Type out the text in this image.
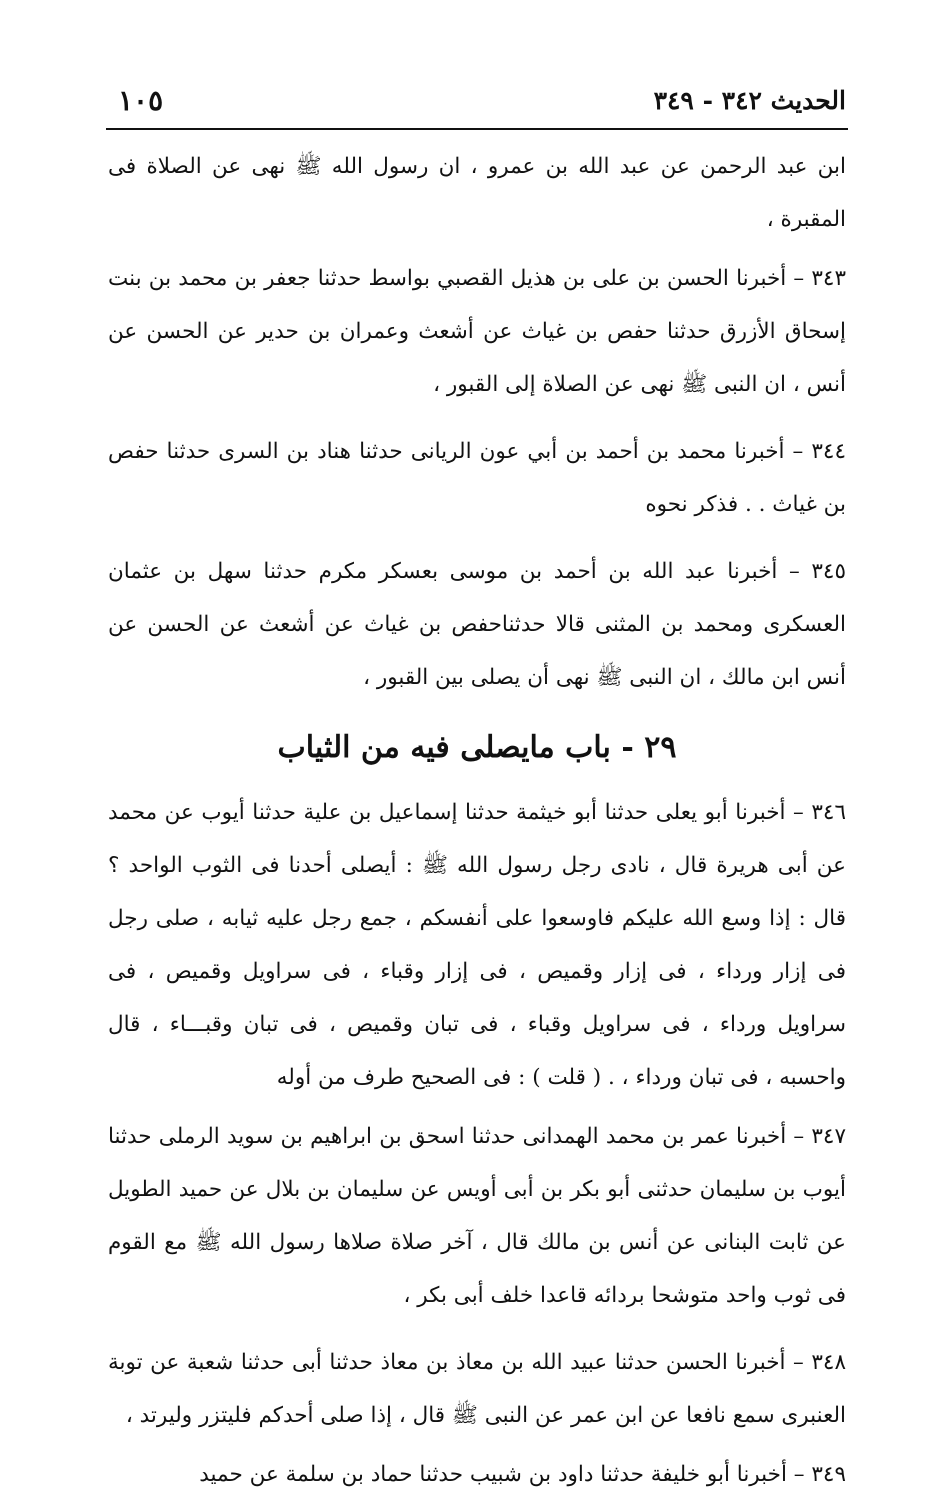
الحديث ٣٤٢ - ٣٤٩
١٠٥

ابن عبد الرحمن عن عبد الله بن عمرو ، ان رسول الله ﷺ نهى عن الصلاة فى المقبرة ،

٣٤٣ – أخبرنا الحسن بن على بن هذيل القصبي بواسط حدثنا جعفر بن محمد بن بنت إسحاق الأزرق حدثنا حفص بن غياث عن أشعث وعمران بن حدير عن الحسن عن أنس ، ان النبى ﷺ نهى عن الصلاة إلى القبور ،

٣٤٤ – أخبرنا محمد بن أحمد بن أبي عون الريانى حدثنا هناد بن السرى حدثنا حفص بن غياث . . فذكر نحوه

٣٤٥ – أخبرنا عبد الله بن أحمد بن موسى بعسكر مكرم حدثنا سهل بن عثمان العسكرى ومحمد بن المثنى قالا حدثناحفص بن غياث عن أشعث عن الحسن عن أنس ابن مالك ، ان النبى ﷺ نهى أن يصلى بين القبور ،

٢٩ - باب مايصلى فيه من الثياب

٣٤٦ – أخبرنا أبو يعلى حدثنا أبو خيثمة حدثنا إسماعيل بن علية حدثنا أيوب عن محمد عن أبى هريرة قال ، نادى رجل رسول الله ﷺ : أيصلى أحدنا فى الثوب الواحد ؟ قال : إذا وسع الله عليكم فاوسعوا على أنفسكم ، جمع رجل عليه ثيابه ، صلى رجل فى إزار ورداء ، فى إزار وقميص ، فى إزار وقباء ، فى سراويل وقميص ، فى سراويل ورداء ، فى سراويل وقباء ، فى تبان وقميص ، فى تبان وقبـــاء ، قال واحسبه ، فى تبان ورداء ، . ( قلت ) : فى الصحيح طرف من أوله

٣٤٧ – أخبرنا عمر بن محمد الهمدانى حدثنا اسحق بن ابراهيم بن سويد الرملى حدثنا أيوب بن سليمان حدثنى أبو بكر بن أبى أويس عن سليمان بن بلال عن حميد الطويل عن ثابت البنانى عن أنس بن مالك قال ، آخر صلاة صلاها رسول الله ﷺ مع القوم فى ثوب واحد متوشحا بردائه قاعدا خلف أبى بكر ،

٣٤٨ – أخبرنا الحسن حدثنا عبيد الله بن معاذ بن معاذ حدثنا أبى حدثنا شعبة عن توبة العنبرى سمع نافعا عن ابن عمر عن النبى ﷺ قال ، إذا صلى أحدكم فليتزر وليرتد ،

٣٤٩ – أخبرنا أبو خليفة حدثنا داود بن شبيب حدثنا حماد بن سلمة عن حميد
